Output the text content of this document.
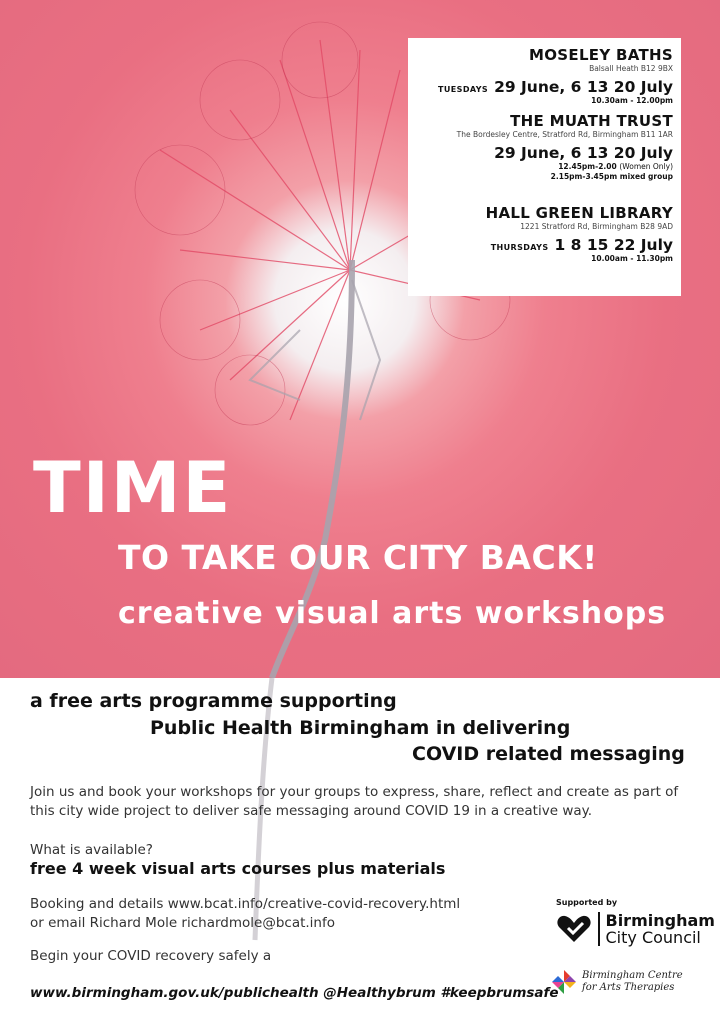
MOSELEY BATHS
Balsall Heath B12 9BX
TUESDAYS 29 June, 6 13 20 July
10.30am - 12.00pm
THE MUATH TRUST
The Bordesley Centre, Stratford Rd, Birmingham B11 1AR
29 June, 6 13 20 July
12.45pm-2.00 (Women Only)
2.15pm-3.45pm mixed group
HALL GREEN LIBRARY
1221 Stratford Rd, Birmingham B28 9AD
THURSDAYS 1 8 15 22 July
10.00am - 11.30pm
TIME
TO TAKE OUR CITY BACK!
creative visual arts workshops
a free arts programme supporting
Public Health Birmingham in delivering
COVID related messaging
Join us and book your workshops for your groups to express, share, reflect and create as part of this city wide project to deliver safe messaging around COVID 19 in a creative way.
What is available?
free 4 week visual arts courses plus materials
Booking and details www.bcat.info/creative-covid-recovery.html
or email Richard Mole richardmole@bcat.info
Begin your COVID recovery safely a
www.birmingham.gov.uk/publichealth @Healthybrum #keepbrumsafe
Supported by
Birmingham
City Council
Birmingham Centre
for Arts Therapies
